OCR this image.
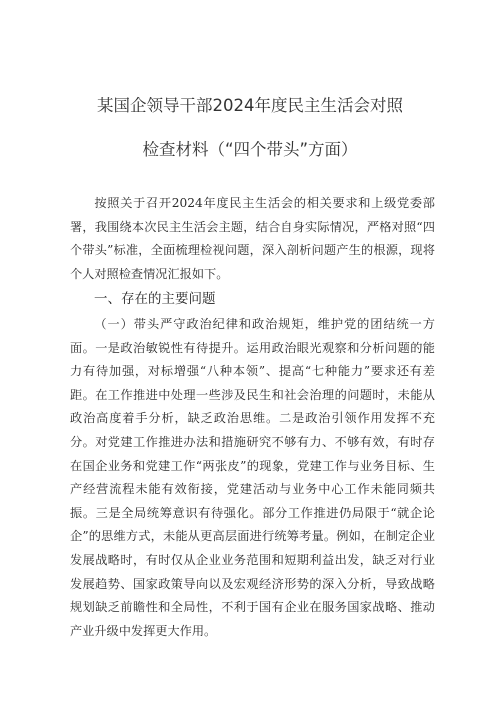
某国企领导干部2024年度民主生活会对照
检查材料（“四个带头”方面）

按照关于召开2024年度民主生活会的相关要求和上级党委部署，我围绕本次民主生活会主题，结合自身实际情况，严格对照“四个带头”标准，全面梳理检视问题，深入剖析问题产生的根源，现将个人对照检查情况汇报如下。

一、存在的主要问题

（一）带头严守政治纪律和政治规矩，维护党的团结统一方面。一是政治敏锐性有待提升。运用政治眼光观察和分析问题的能力有待加强，对标增强“八种本领”、提高“七种能力”要求还有差距。在工作推进中处理一些涉及民生和社会治理的问题时，未能从政治高度着手分析，缺乏政治思维。二是政治引领作用发挥不充分。对党建工作推进办法和措施研究不够有力、不够有效，有时存在国企业务和党建工作“两张皮”的现象，党建工作与业务目标、生产经营流程未能有效衔接，党建活动与业务中心工作未能同频共振。三是全局统筹意识有待强化。部分工作推进仍局限于“就企论企”的思维方式，未能从更高层面进行统筹考量。例如，在制定企业发展战略时，有时仅从企业业务范围和短期利益出发，缺乏对行业发展趋势、国家政策导向以及宏观经济形势的深入分析，导致战略规划缺乏前瞻性和全局性，不利于国有企业在服务国家战略、推动产业升级中发挥更大作用。
